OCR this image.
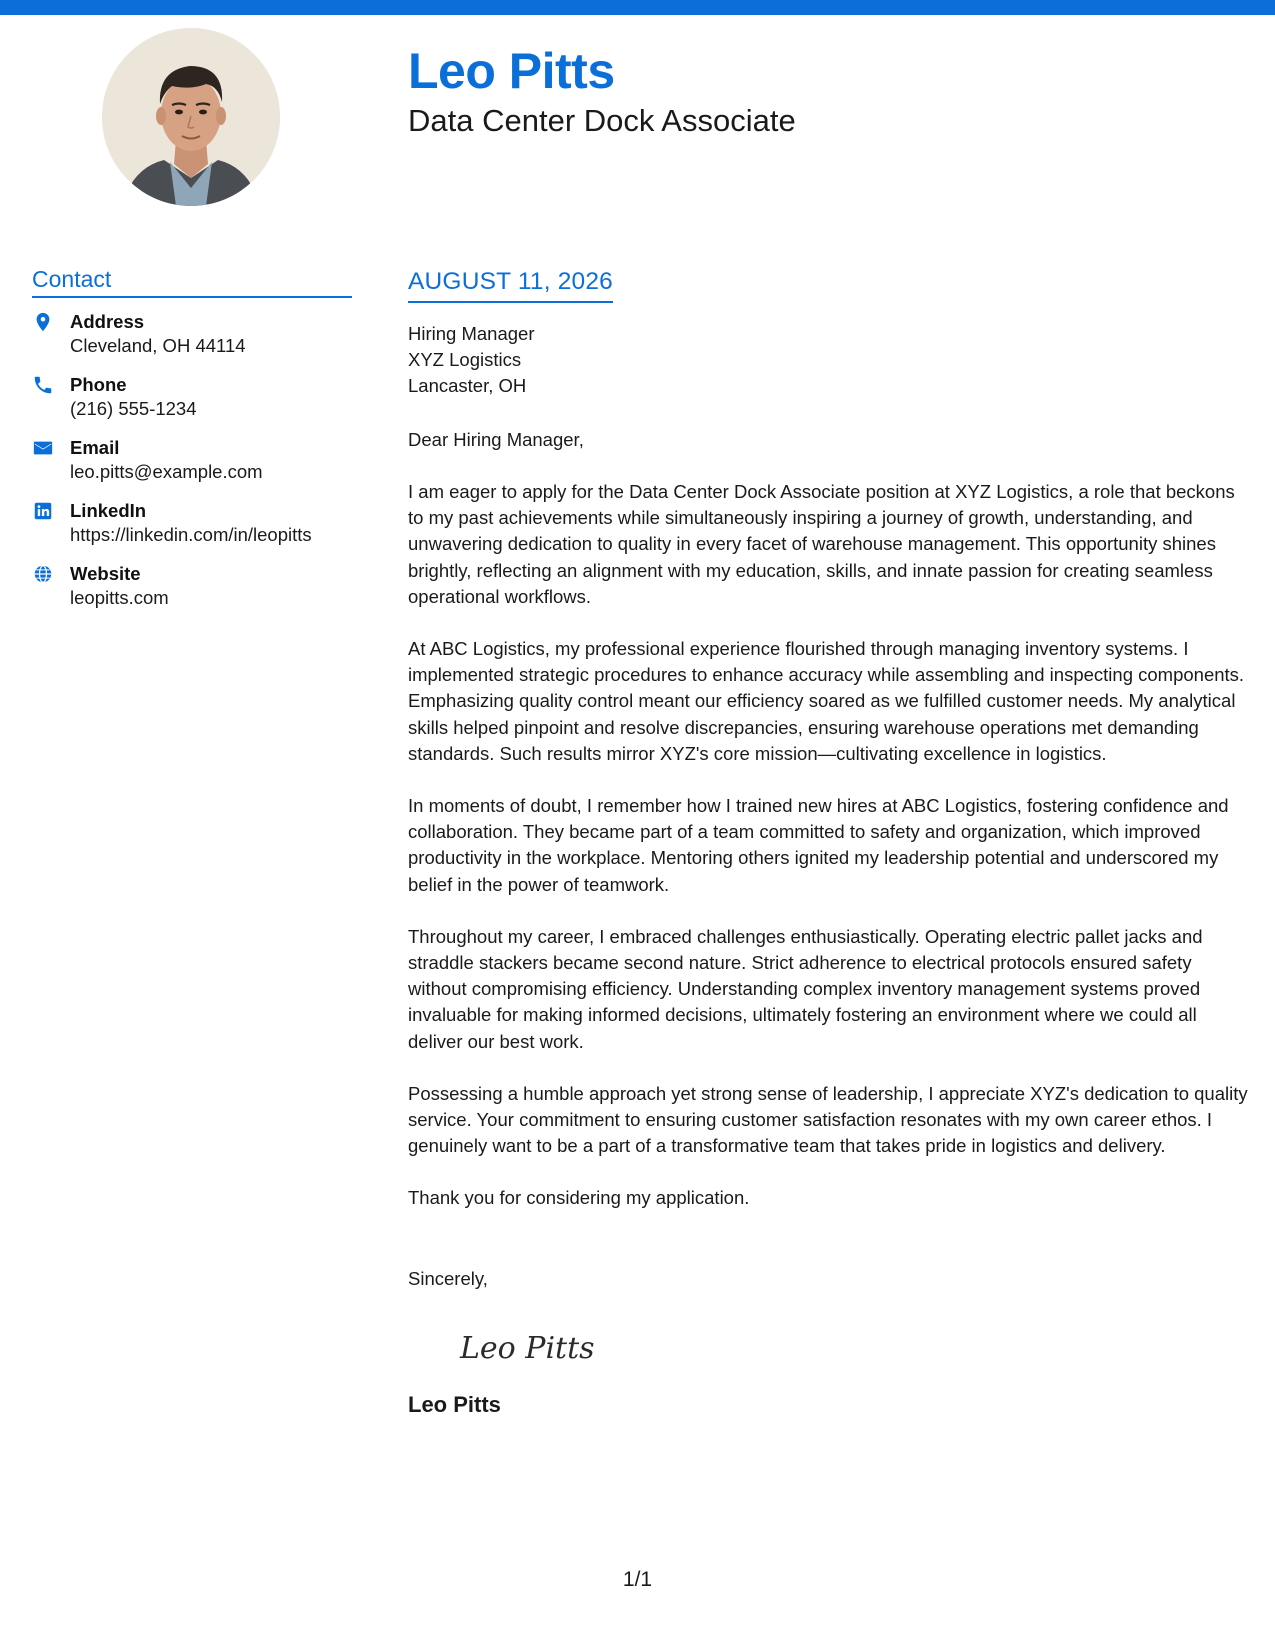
Leo Pitts
Data Center Dock Associate
Contact
Address
Cleveland, OH 44114
Phone
(216) 555-1234
Email
leo.pitts@example.com
LinkedIn
https://linkedin.com/in/leopitts
Website
leopitts.com
AUGUST 11, 2026
Hiring Manager
XYZ Logistics
Lancaster, OH
Dear Hiring Manager,
I am eager to apply for the Data Center Dock Associate position at XYZ Logistics, a role that beckons to my past achievements while simultaneously inspiring a journey of growth, understanding, and unwavering dedication to quality in every facet of warehouse management. This opportunity shines brightly, reflecting an alignment with my education, skills, and innate passion for creating seamless operational workflows.
At ABC Logistics, my professional experience flourished through managing inventory systems. I implemented strategic procedures to enhance accuracy while assembling and inspecting components. Emphasizing quality control meant our efficiency soared as we fulfilled customer needs. My analytical skills helped pinpoint and resolve discrepancies, ensuring warehouse operations met demanding standards. Such results mirror XYZ's core mission—cultivating excellence in logistics.
In moments of doubt, I remember how I trained new hires at ABC Logistics, fostering confidence and collaboration. They became part of a team committed to safety and organization, which improved productivity in the workplace. Mentoring others ignited my leadership potential and underscored my belief in the power of teamwork.
Throughout my career, I embraced challenges enthusiastically. Operating electric pallet jacks and straddle stackers became second nature. Strict adherence to electrical protocols ensured safety without compromising efficiency. Understanding complex inventory management systems proved invaluable for making informed decisions, ultimately fostering an environment where we could all deliver our best work.
Possessing a humble approach yet strong sense of leadership, I appreciate XYZ's dedication to quality service. Your commitment to ensuring customer satisfaction resonates with my own career ethos. I genuinely want to be a part of a transformative team that takes pride in logistics and delivery.
Thank you for considering my application.
Sincerely,
Leo Pitts
Leo Pitts
1/1
